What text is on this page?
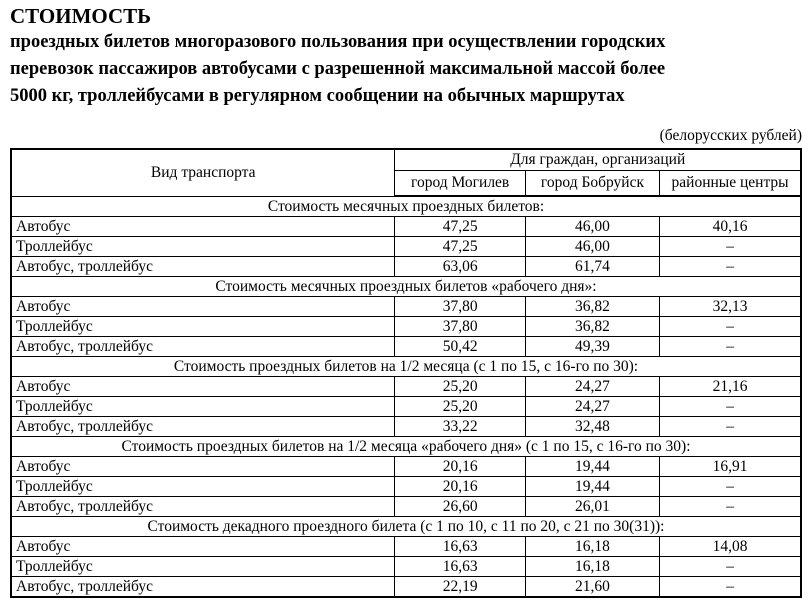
СТОИМОСТЬ
проездных билетов многоразового пользования при осуществлении городских
перевозок пассажиров автобусами с разрешенной максимальной массой более
5000 кг, троллейбусами в регулярном сообщении на обычных маршрутах
(белорусских рублей)
Вид транспорта	Для граждан, организаций		
	город Могилев	город Бобруйск	районные центры
Стоимость месячных проездных билетов:			
Автобус	47,25	46,00	40,16
Троллейбус	47,25	46,00	–
Автобус, троллейбус	63,06	61,74	–
Стоимость месячных проездных билетов «рабочего дня»:			
Автобус	37,80	36,82	32,13
Троллейбус	37,80	36,82	–
Автобус, троллейбус	50,42	49,39	–
Стоимость проездных билетов на 1/2 месяца (с 1 по 15, с 16-го по 30):			
Автобус	25,20	24,27	21,16
Троллейбус	25,20	24,27	–
Автобус, троллейбус	33,22	32,48	–
Стоимость проездных билетов на 1/2 месяца «рабочего дня» (с 1 по 15, с 16-го по 30):			
Автобус	20,16	19,44	16,91
Троллейбус	20,16	19,44	–
Автобус, троллейбус	26,60	26,01	–
Стоимость декадного проездного билета (с 1 по 10, с 11 по 20, с 21 по 30(31)):			
Автобус	16,63	16,18	14,08
Троллейбус	16,63	16,18	–
Автобус, троллейбус	22,19	21,60	–
